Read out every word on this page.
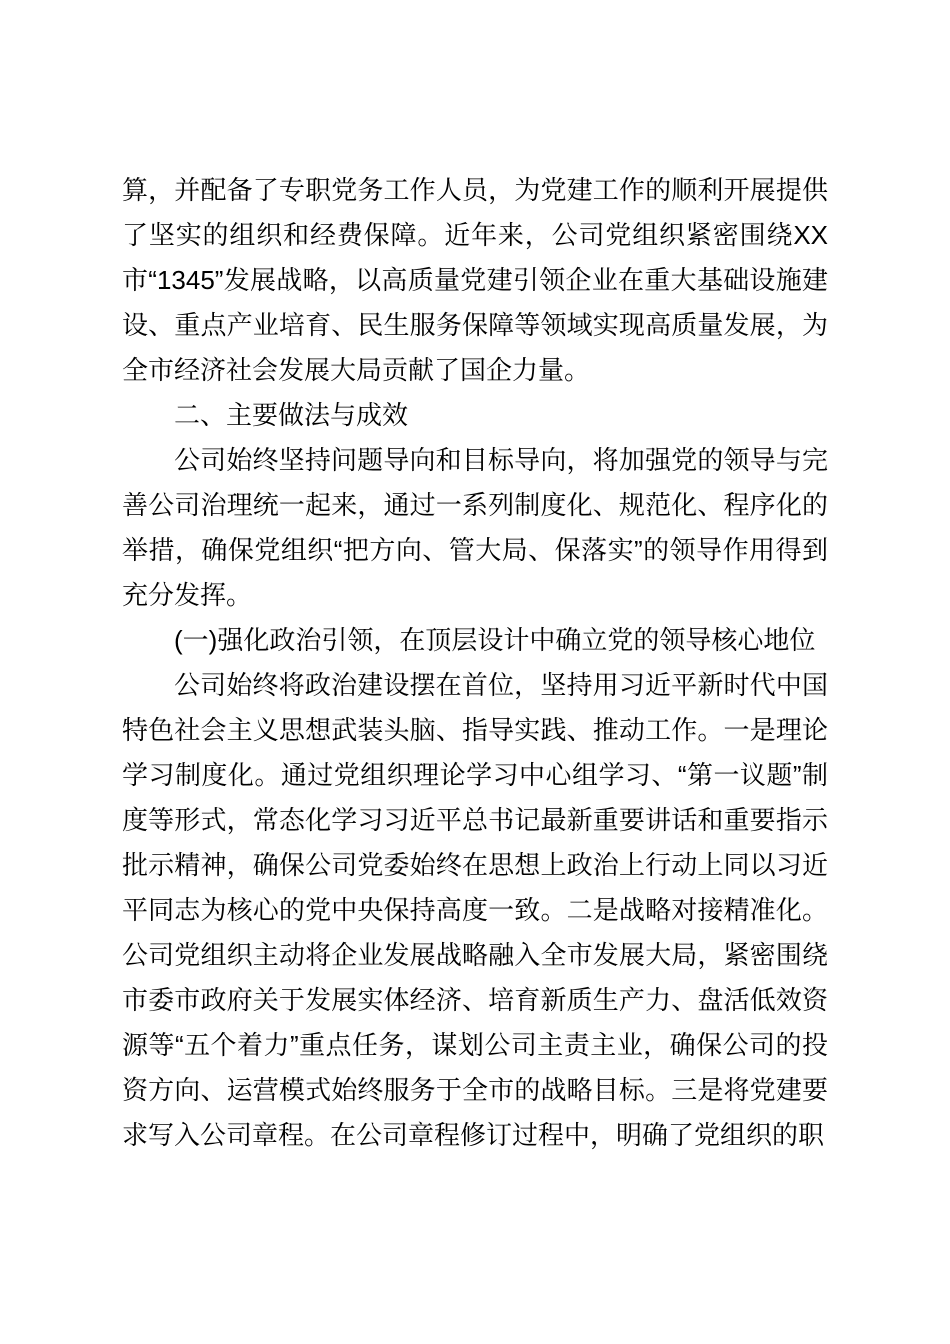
算，并配备了专职党务工作人员，为党建工作的顺利开展提供了坚实的组织和经费保障。近年来，公司党组织紧密围绕XX市“1345”发展战略，以高质量党建引领企业在重大基础设施建设、重点产业培育、民生服务保障等领域实现高质量发展，为全市经济社会发展大局贡献了国企力量。

二、主要做法与成效

公司始终坚持问题导向和目标导向，将加强党的领导与完善公司治理统一起来，通过一系列制度化、规范化、程序化的举措，确保党组织“把方向、管大局、保落实”的领导作用得到充分发挥。

(一)强化政治引领，在顶层设计中确立党的领导核心地位

公司始终将政治建设摆在首位，坚持用习近平新时代中国特色社会主义思想武装头脑、指导实践、推动工作。一是理论学习制度化。通过党组织理论学习中心组学习、“第一议题”制度等形式，常态化学习习近平总书记最新重要讲话和重要指示批示精神，确保公司党委始终在思想上政治上行动上同以习近平同志为核心的党中央保持高度一致。二是战略对接精准化。公司党组织主动将企业发展战略融入全市发展大局，紧密围绕市委市政府关于发展实体经济、培育新质生产力、盘活低效资源等“五个着力”重点任务，谋划公司主责主业，确保公司的投资方向、运营模式始终服务于全市的战略目标。三是将党建要求写入公司章程。在公司章程修订过程中，明确了党组织的职
